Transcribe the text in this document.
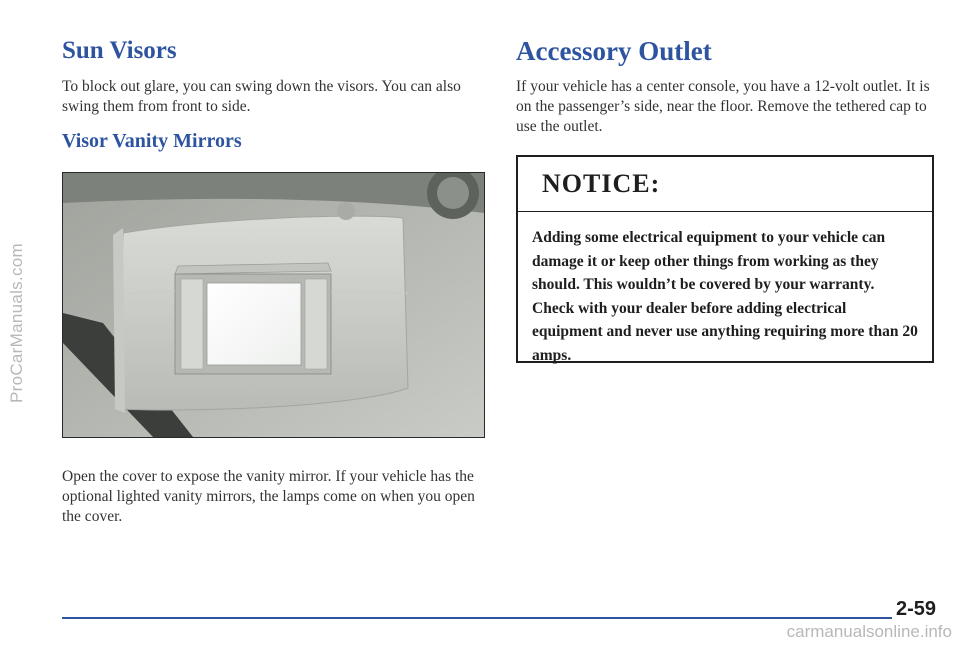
ProCarManuals.com
Sun Visors

To block out glare, you can swing down the visors. You can also swing them from front to side.

Visor Vanity Mirrors

Open the cover to expose the vanity mirror. If your vehicle has the optional lighted vanity mirrors, the lamps come on when you open the cover.

Accessory Outlet

If your vehicle has a center console, you have a 12-volt outlet. It is on the passenger’s side, near the floor. Remove the tethered cap to use the outlet.

NOTICE:

Adding some electrical equipment to your vehicle can damage it or keep other things from working as they should. This wouldn’t be covered by your warranty. Check with your dealer before adding electrical equipment and never use anything requiring more than 20 amps.

2-59
carmanualsonline.info
